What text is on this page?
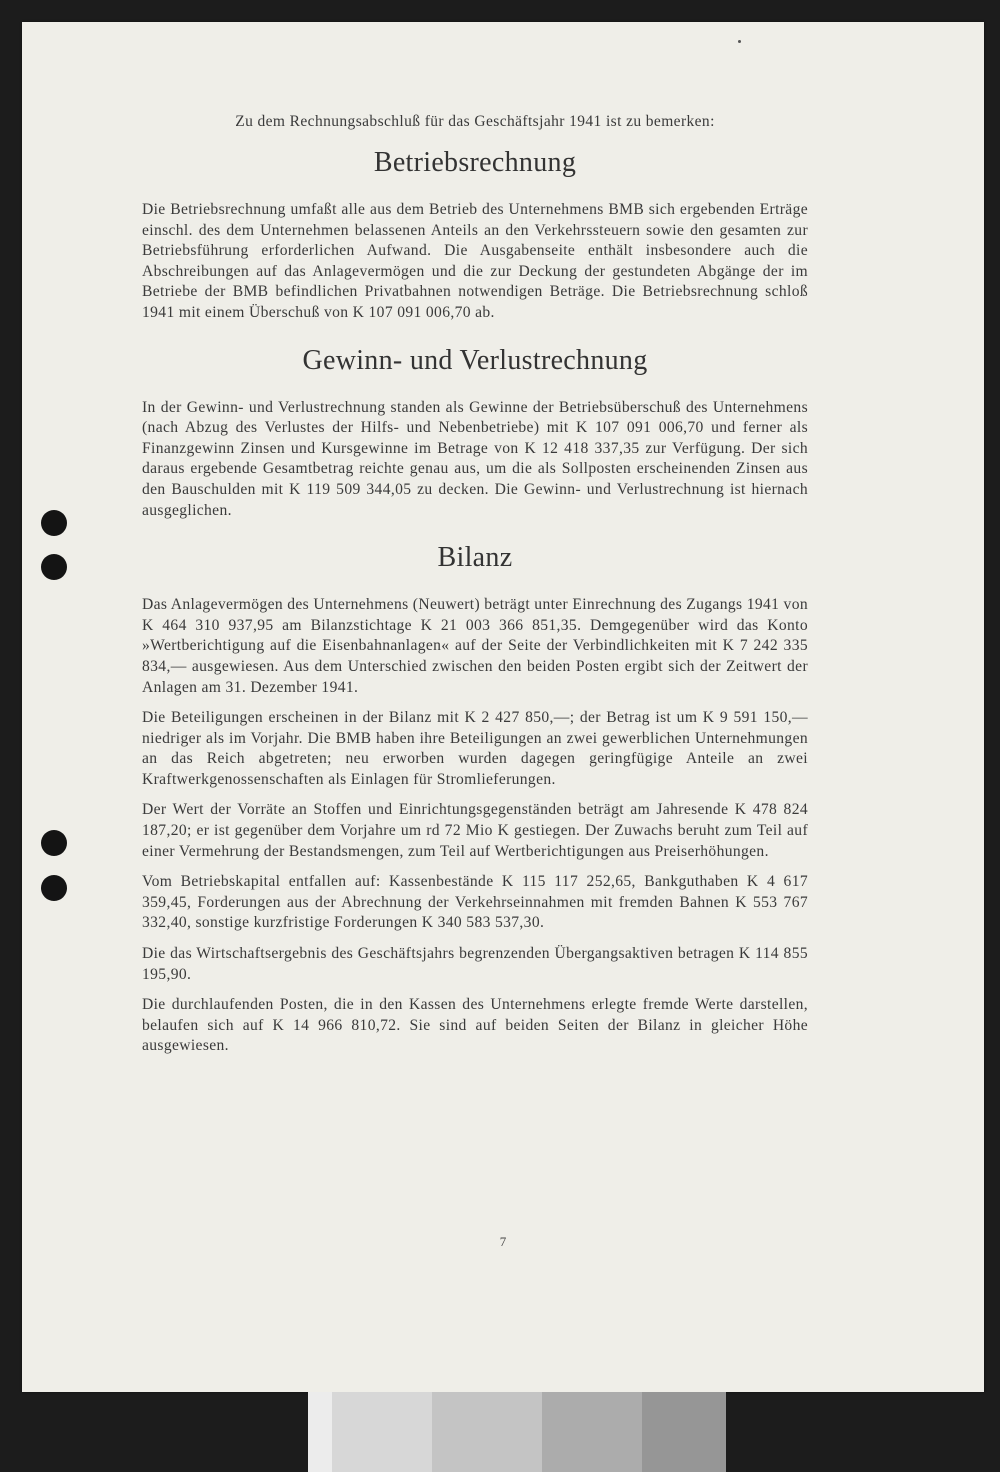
Zu dem Rechnungsabschluß für das Geschäftsjahr 1941 ist zu bemerken:
Betriebsrechnung

Die Betriebsrechnung umfaßt alle aus dem Betrieb des Unternehmens BMB sich ergebenden Erträge einschl. des dem Unternehmen belassenen Anteils an den Verkehrssteuern sowie den gesamten zur Betriebsführung erforderlichen Aufwand. Die Ausgabenseite enthält insbesondere auch die Abschreibungen auf das Anlagevermögen und die zur Deckung der gestundeten Abgänge der im Betriebe der BMB befindlichen Privatbahnen notwendigen Beträge. Die Betriebsrechnung schloß 1941 mit einem Überschuß von K 107 091 006,70 ab.

Gewinn- und Verlustrechnung

In der Gewinn- und Verlustrechnung standen als Gewinne der Betriebsüberschuß des Unternehmens (nach Abzug des Verlustes der Hilfs- und Nebenbetriebe) mit K 107 091 006,70 und ferner als Finanzgewinn Zinsen und Kursgewinne im Betrage von K 12 418 337,35 zur Verfügung. Der sich daraus ergebende Gesamtbetrag reichte genau aus, um die als Sollposten erscheinenden Zinsen aus den Bauschulden mit K 119 509 344,05 zu decken. Die Gewinn- und Verlustrechnung ist hiernach ausgeglichen.

Bilanz

Das Anlagevermögen des Unternehmens (Neuwert) beträgt unter Einrechnung des Zugangs 1941 von K 464 310 937,95 am Bilanzstichtage K 21 003 366 851,35. Demgegenüber wird das Konto »Wertberichtigung auf die Eisenbahnanlagen« auf der Seite der Verbindlichkeiten mit K 7 242 335 834,— ausgewiesen. Aus dem Unterschied zwischen den beiden Posten ergibt sich der Zeitwert der Anlagen am 31. Dezember 1941.

Die Beteiligungen erscheinen in der Bilanz mit K 2 427 850,—; der Betrag ist um K 9 591 150,— niedriger als im Vorjahr. Die BMB haben ihre Beteiligungen an zwei gewerblichen Unternehmungen an das Reich abgetreten; neu erworben wurden dagegen geringfügige Anteile an zwei Kraftwerkgenossenschaften als Einlagen für Stromlieferungen.

Der Wert der Vorräte an Stoffen und Einrichtungsgegenständen beträgt am Jahresende K 478 824 187,20; er ist gegenüber dem Vorjahre um rd 72 Mio K gestiegen. Der Zuwachs beruht zum Teil auf einer Vermehrung der Bestandsmengen, zum Teil auf Wertberichtigungen aus Preiserhöhungen.

Vom Betriebskapital entfallen auf: Kassenbestände K 115 117 252,65, Bankguthaben K 4 617 359,45, Forderungen aus der Abrechnung der Verkehrseinnahmen mit fremden Bahnen K 553 767 332,40, sonstige kurzfristige Forderungen K 340 583 537,30.

Die das Wirtschaftsergebnis des Geschäftsjahrs begrenzenden Übergangsaktiven betragen K 114 855 195,90.

Die durchlaufenden Posten, die in den Kassen des Unternehmens erlegte fremde Werte darstellen, belaufen sich auf K 14 966 810,72. Sie sind auf beiden Seiten der Bilanz in gleicher Höhe ausgewiesen.

7
